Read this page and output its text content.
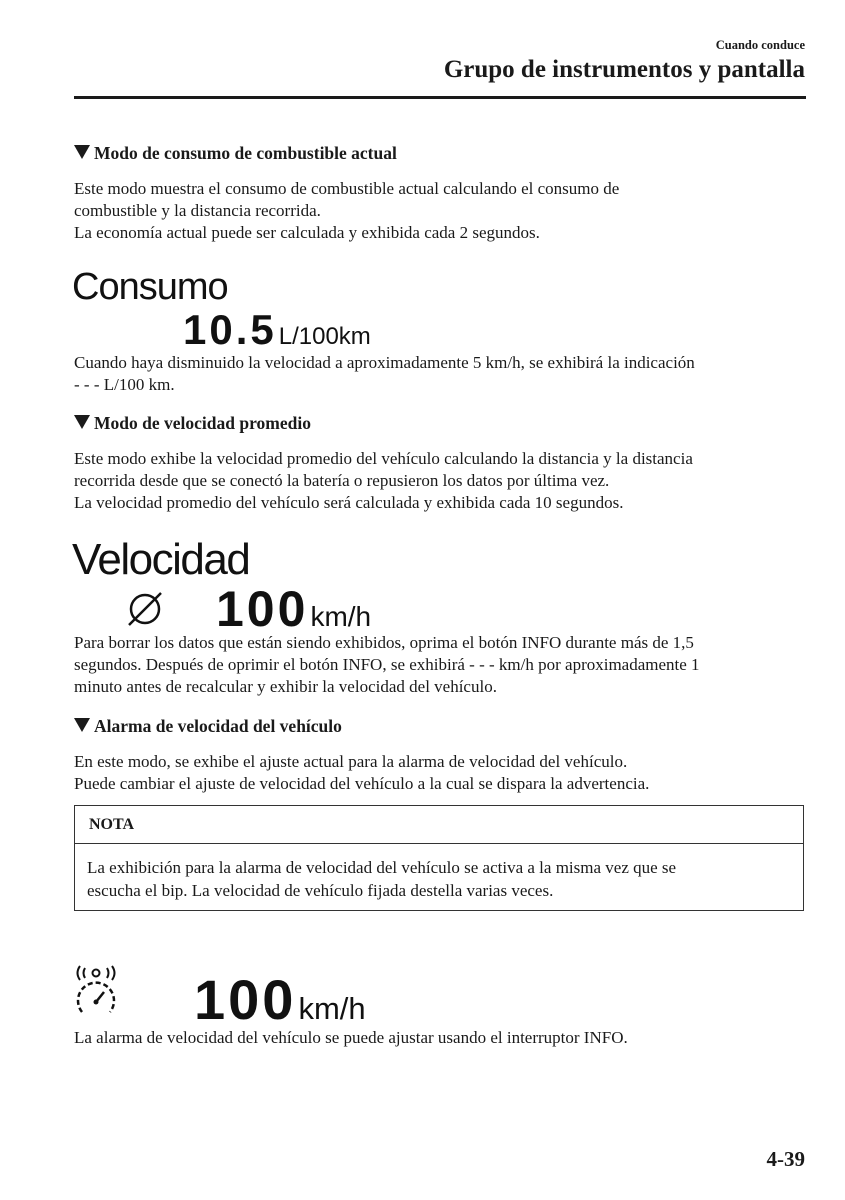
Cuando conduce
Grupo de instrumentos y pantalla
Modo de consumo de combustible actual
Este modo muestra el consumo de combustible actual calculando el consumo de
combustible y la distancia recorrida.
La economía actual puede ser calculada y exhibida cada 2 segundos.
Consumo
10.5L/100km
Cuando haya disminuido la velocidad a aproximadamente 5 km/h, se exhibirá la indicación
- - - L/100 km.
Modo de velocidad promedio
Este modo exhibe la velocidad promedio del vehículo calculando la distancia y la distancia
recorrida desde que se conectó la batería o repusieron los datos por última vez.
La velocidad promedio del vehículo será calculada y exhibida cada 10 segundos.
Velocidad
100km/h
Para borrar los datos que están siendo exhibidos, oprima el botón INFO durante más de 1,5
segundos. Después de oprimir el botón INFO, se exhibirá - - - km/h por aproximadamente 1
minuto antes de recalcular y exhibir la velocidad del vehículo.
Alarma de velocidad del vehículo
En este modo, se exhibe el ajuste actual para la alarma de velocidad del vehículo.
Puede cambiar el ajuste de velocidad del vehículo a la cual se dispara la advertencia.
NOTA
La exhibición para la alarma de velocidad del vehículo se activa a la misma vez que se
escucha el bip. La velocidad de vehículo fijada destella varias veces.
100km/h
La alarma de velocidad del vehículo se puede ajustar usando el interruptor INFO.
4-39
